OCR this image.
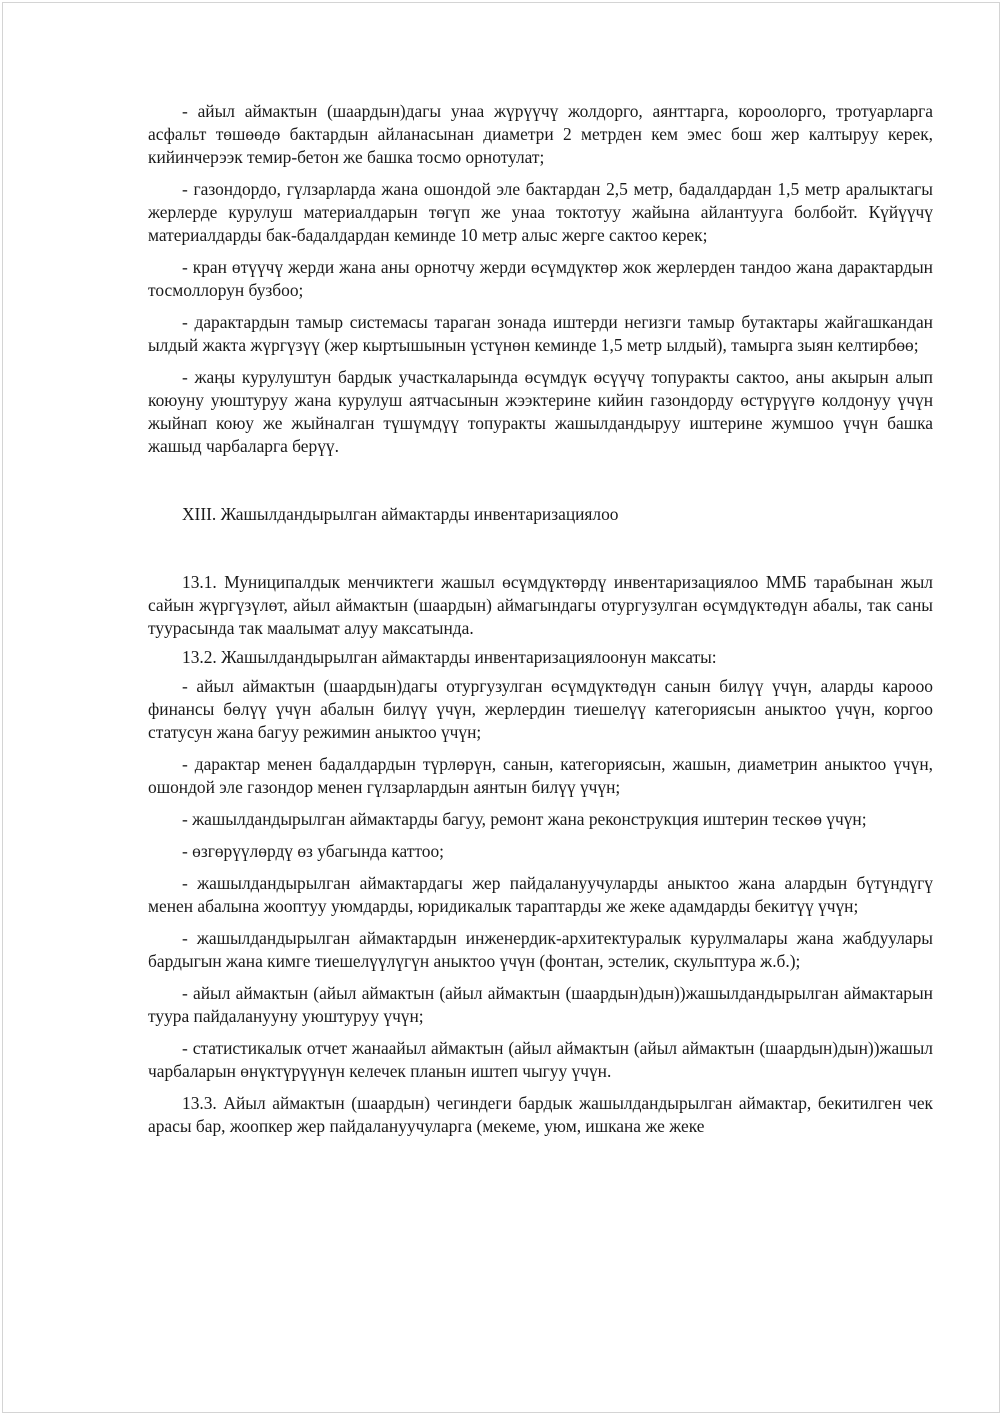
- айыл аймактын (шаардын)дагы унаа жүрүүчү жолдорго, аянттарга, короолорго, тротуарларга асфальт төшөөдө бактардын айланасынан диаметри 2 метрден кем эмес бош жер калтыруу керек, кийинчерээк темир-бетон же башка тосмо орнотулат;

- газондордо, гүлзарларда жана ошондой эле бактардан 2,5 метр, бадалдардан 1,5 метр аралыктагы жерлерде курулуш материалдарын төгүп же унаа токтотуу жайына айлантууга болбойт. Күйүүчү материалдарды бак-бадалдардан кеминде 10 метр алыс жерге сактоо керек;

- кран өтүүчү жерди жана аны орнотчу жерди өсүмдүктөр жок жерлерден тандоо жана дарактардын тосмоллорун бузбоо;

- дарактардын тамыр системасы тараган зонада иштерди негизги тамыр бутактары жайгашкандан ылдый жакта жүргүзүү (жер кыртышынын үстүнөн кеминде 1,5 метр ылдый), тамырга зыян келтирбөө;

- жаңы курулуштун бардык участкаларында өсүмдүк өсүүчү топуракты сактоо, аны акырын алып коюуну уюштуруу жана курулуш аятчасынын жээктерине кийин газондорду өстүрүүгө колдонуу үчүн жыйнап коюу же жыйналган түшүмдүү топуракты жашылдандыруу иштерине жумшоо үчүн башка жашыд чарбаларга берүү.

XIII. Жашылдандырылган аймактарды инвентаризациялоо

13.1. Муниципалдык менчиктеги жашыл өсүмдүктөрдү инвентаризациялоо ММБ тарабынан жыл сайын жүргүзүлөт, айыл аймактын (шаардын) аймагындагы отургузулган өсүмдүктөдүн абалы, так саны туурасында так маалымат алуу максатында.

13.2. Жашылдандырылган аймактарды инвентаризациялоонун максаты:

- айыл аймактын (шаардын)дагы отургузулган өсүмдүктөдүн санын билүү үчүн, аларды карооо финансы бөлүү үчүн абалын билүү үчүн, жерлердин тиешелүү категориясын аныктоо үчүн, коргоо статусун жана багуу режимин аныктоо үчүн;

- дарактар менен бадалдардын түрлөрүн, санын, категориясын, жашын, диаметрин аныктоо үчүн, ошондой эле газондор менен гүлзарлардын аянтын билүү үчүн;

- жашылдандырылган аймактарды багуу, ремонт жана реконструкция иштерин тескөө үчүн;

- өзгөрүүлөрдү өз убагында каттоо;

- жашылдандырылган аймактардагы жер пайдалануучуларды аныктоо жана алардын бүтүндүгү менен абалына жооптуу уюмдарды, юридикалык тараптарды же жеке адамдарды бекитүү үчүн;

- жашылдандырылган аймактардын инженердик-архитектуралык курулмалары жана жабдуулары бардыгын жана кимге тиешелүүлүгүн аныктоо үчүн (фонтан, эстелик, скульптура ж.б.);

- айыл аймактын (айыл аймактын (айыл аймактын (шаардын)дын))жашылдандырылган аймактарын туура пайдаланууну уюштуруу үчүн;

- статистикалык отчет жанаайыл аймактын (айыл аймактын (айыл аймактын (шаардын)дын))жашыл чарбаларын өнүктүрүүнүн келечек планын иштеп чыгуу үчүн.

13.3. Айыл аймактын (шаардын) чегиндеги бардык жашылдандырылган аймактар, бекитилген чек арасы бар, жоопкер жер пайдалануучуларга (мекеме, уюм, ишкана же жеке
